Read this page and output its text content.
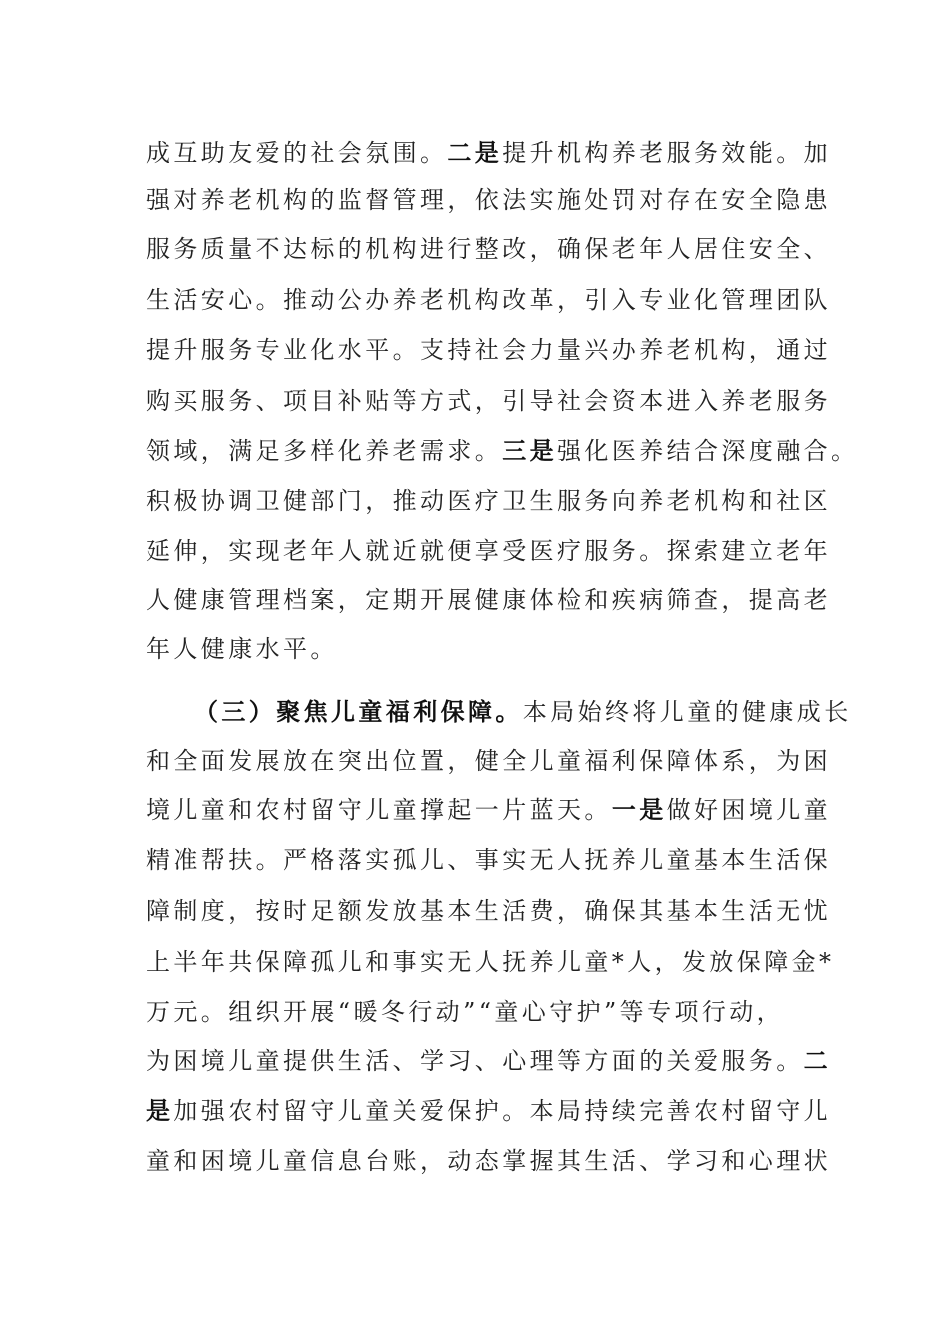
成互助友爱的社会氛围。二是提升机构养老服务效能。加
强对养老机构的监督管理，依法实施处罚对存在安全隐患
服务质量不达标的机构进行整改，确保老年人居住安全、
生活安心。推动公办养老机构改革，引入专业化管理团队
提升服务专业化水平。支持社会力量兴办养老机构，通过
购买服务、项目补贴等方式，引导社会资本进入养老服务
领域，满足多样化养老需求。三是强化医养结合深度融合。
积极协调卫健部门，推动医疗卫生服务向养老机构和社区
延伸，实现老年人就近就便享受医疗服务。探索建立老年
人健康管理档案，定期开展健康体检和疾病筛查，提高老
年人健康水平。
（三）聚焦儿童福利保障。本局始终将儿童的健康成长
和全面发展放在突出位置，健全儿童福利保障体系，为困
境儿童和农村留守儿童撑起一片蓝天。一是做好困境儿童
精准帮扶。严格落实孤儿、事实无人抚养儿童基本生活保
障制度，按时足额发放基本生活费，确保其基本生活无忧
上半年共保障孤儿和事实无人抚养儿童*人，发放保障金*
万元。组织开展“暖冬行动”“童心守护”等专项行动，
为困境儿童提供生活、学习、心理等方面的关爱服务。二
是加强农村留守儿童关爱保护。本局持续完善农村留守儿
童和困境儿童信息台账，动态掌握其生活、学习和心理状
